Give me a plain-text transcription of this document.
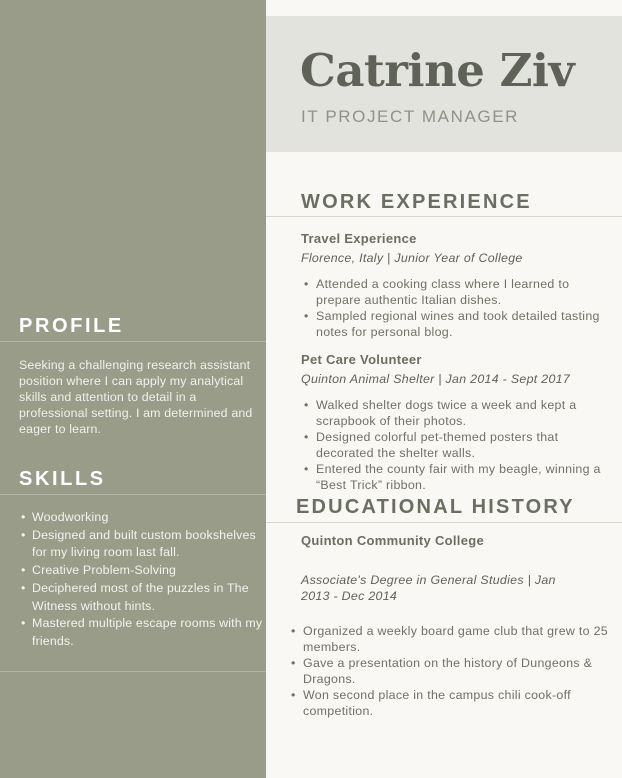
Catrine Ziv
IT PROJECT MANAGER
PROFILE
Seeking a challenging research assistant position where I can apply my analytical skills and attention to detail in a professional setting. I am determined and eager to learn.
SKILLS
• Woodworking
• Designed and built custom bookshelves for my living room last fall.
• Creative Problem-Solving
• Deciphered most of the puzzles in The Witness without hints.
• Mastered multiple escape rooms with my friends.
WORK EXPERIENCE
Travel Experience
Florence, Italy | Junior Year of College
• Attended a cooking class where I learned to prepare authentic Italian dishes.
• Sampled regional wines and took detailed tasting notes for personal blog.
Pet Care Volunteer
Quinton Animal Shelter | Jan 2014 - Sept 2017
• Walked shelter dogs twice a week and kept a scrapbook of their photos.
• Designed colorful pet-themed posters that decorated the shelter walls.
• Entered the county fair with my beagle, winning a “Best Trick” ribbon.
EDUCATIONAL HISTORY
Quinton Community College
Associate's Degree in General Studies | Jan 2013 - Dec 2014
• Organized a weekly board game club that grew to 25 members.
• Gave a presentation on the history of Dungeons & Dragons.
• Won second place in the campus chili cook-off competition.
